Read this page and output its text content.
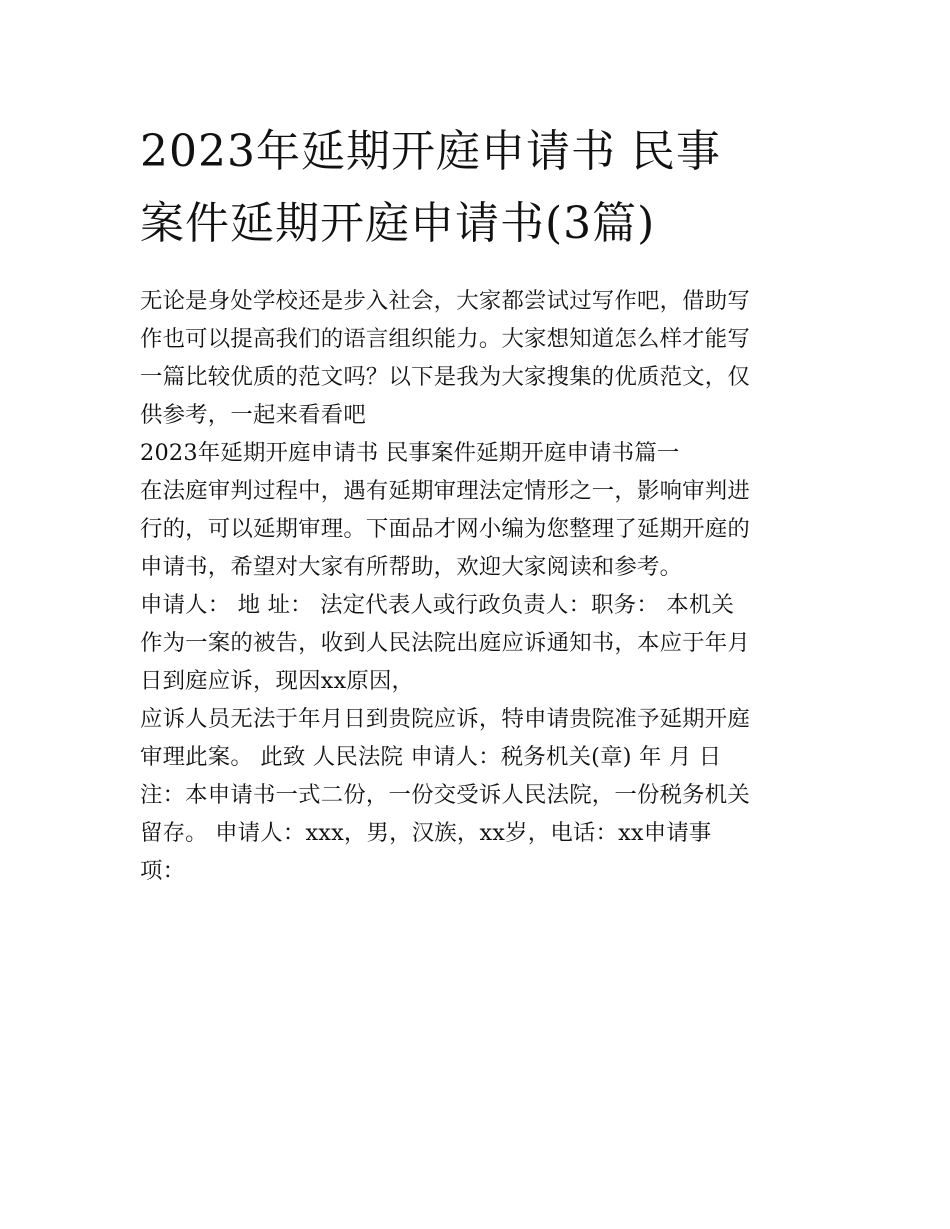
2023年延期开庭申请书 民事
案件延期开庭申请书(3篇)

无论是身处学校还是步入社会，大家都尝试过写作吧，借助写
作也可以提高我们的语言组织能力。大家想知道怎么样才能写
一篇比较优质的范文吗？以下是我为大家搜集的优质范文，仅
供参考，一起来看看吧

2023年延期开庭申请书 民事案件延期开庭申请书篇一

在法庭审判过程中，遇有延期审理法定情形之一，影响审判进
行的，可以延期审理。下面品才网小编为您整理了延期开庭的
申请书，希望对大家有所帮助，欢迎大家阅读和参考。

申请人： 地 址： 法定代表人或行政负责人：职务： 本机关
作为一案的被告，收到人民法院出庭应诉通知书，本应于年月
日到庭应诉，现因xx原因，

应诉人员无法于年月日到贵院应诉，特申请贵院准予延期开庭
审理此案。 此致 人民法院 申请人：税务机关(章) 年 月 日
注：本申请书一式二份，一份交受诉人民法院，一份税务机关
留存。 申请人：xxx，男，汉族，xx岁，电话：xx申请事
项：
